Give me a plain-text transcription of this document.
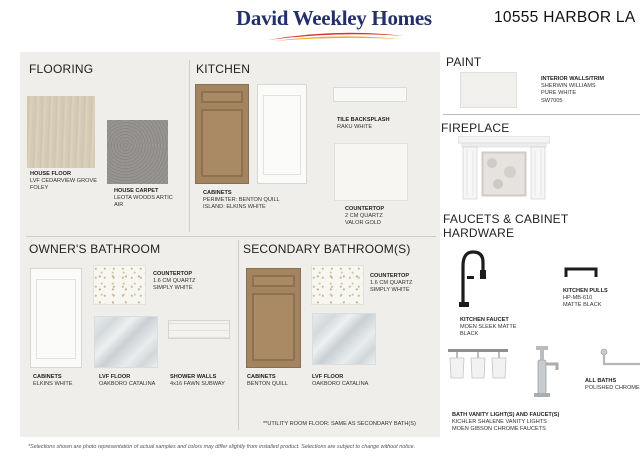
David Weekley Homes	10555 HARBOR LA
FLOORING	KITCHEN
OWNER'S BATHROOM	SECONDARY BATHROOM(S)
PAINT
FIREPLACE
FAUCETS & CABINET
HARDWARE
HOUSE FLOOR
LVF CEDARVIEW GROVE
FOLEY	HOUSE CARPET
LEOTA WOODS ARTIC
AIR
CABINETS
PERIMETER: BENTON QUILL
ISLAND: ELKINS WHITE
TILE BACKSPLASH
RAKU WHITE
COUNTERTOP
2 CM QUARTZ
VALOR GOLD
COUNTERTOP
1.6 CM QUARTZ
SIMPLY WHITE
CABINETS
ELKINS WHITE
LVF FLOOR
OAKBORO CATALINA
SHOWER WALLS
4x16 FAWN SUBWAY
CABINETS
BENTON QUILL
COUNTERTOP
1.6 CM QUARTZ
SIMPLY WHITE
LVF FLOOR
OAKBORO CATALINA
**UTILITY ROOM FLOOR: SAME AS SECONDARY BATH(S)
INTERIOR WALLS/TRIM
SHERWIN WILLIAMS
PURE WHITE
SW7005
KITCHEN FAUCET
MOEN SLEEK MATTE
BLACK
KITCHEN PULLS
HP-MB-610
MATTE BLACK
ALL BATHS
POLISHED CHROME
BATH VANITY LIGHT(S) AND FAUCET(S)
KICHLER SHALENE VANITY LIGHTS
MOEN GIBSON CHROME FAUCETS
*Selections shown are photo representation of actual samples and colors may differ slightly from installed product. Selections are subject to change without notice.
